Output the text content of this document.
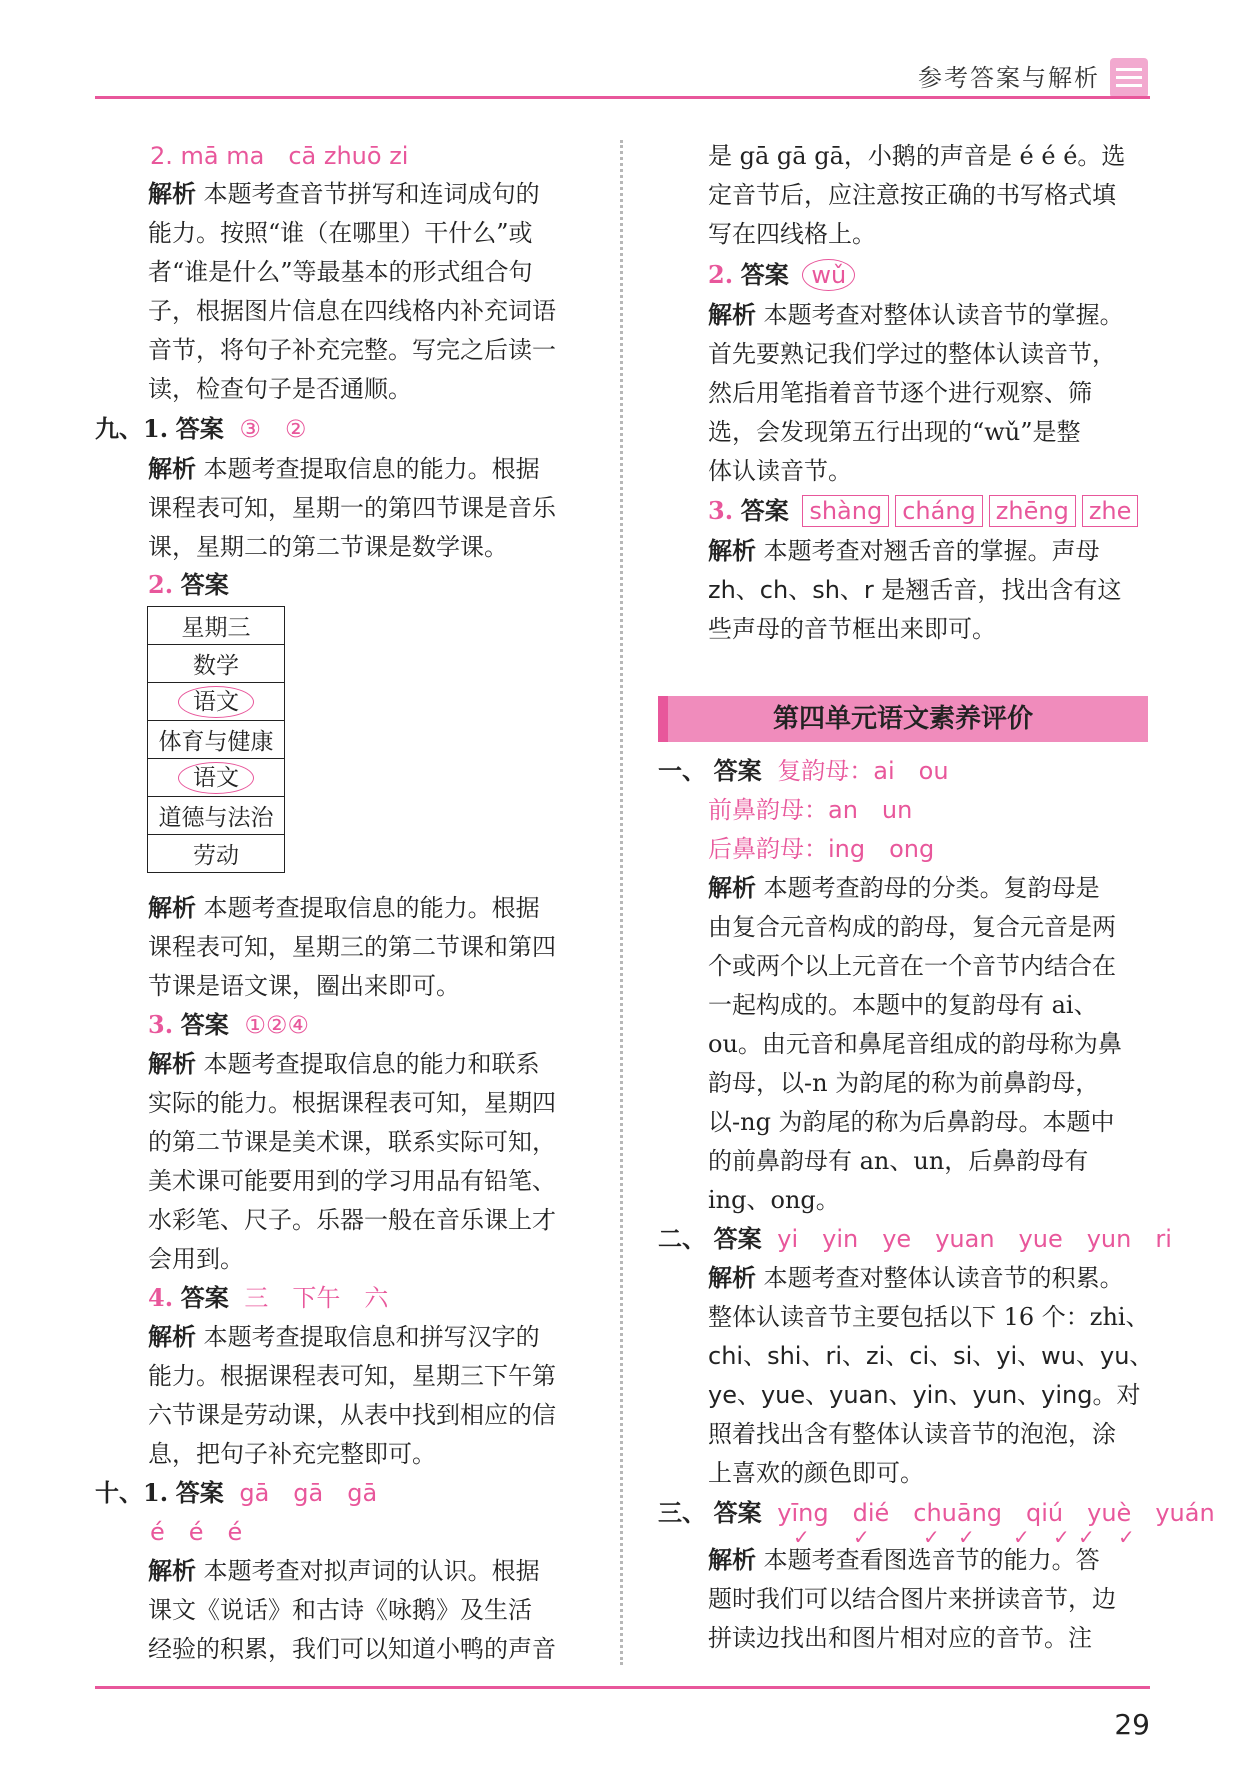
参考答案与解析
2. mā ma　cā zhuō zi
解析 本题考查音节拼写和连词成句的
能力。按照“谁（在哪里）干什么”或
者“谁是什么”等最基本的形式组合句
子，根据图片信息在四线格内补充词语
音节，将句子补充完整。写完之后读一
读，检查句子是否通顺。
九、1. 答案 ③　②
解析 本题考查提取信息的能力。根据
课程表可知，星期一的第四节课是音乐
课，星期二的第二节课是数学课。
2. 答案
星期三
数学
语文
体育与健康
语文
道德与法治
劳动
解析 本题考查提取信息的能力。根据
课程表可知，星期三的第二节课和第四
节课是语文课，圈出来即可。
3. 答案 ①②④
解析 本题考查提取信息的能力和联系
实际的能力。根据课程表可知，星期四
的第二节课是美术课，联系实际可知，
美术课可能要用到的学习用品有铅笔、
水彩笔、尺子。乐器一般在音乐课上才
会用到。
4. 答案 三　下午　六
解析 本题考查提取信息和拼写汉字的
能力。根据课程表可知，星期三下午第
六节课是劳动课，从表中找到相应的信
息，把句子补充完整即可。
十、1. 答案 gā　gā　gā
é　é　é
解析 本题考查对拟声词的认识。根据
课文《说话》和古诗《咏鹅》及生活
经验的积累，我们可以知道小鸭的声音
是 gā gā gā，小鹅的声音是 é é é。选
定音节后，应注意按正确的书写格式填
写在四线格上。
2. 答案 wǔ
解析 本题考查对整体认读音节的掌握。
首先要熟记我们学过的整体认读音节，
然后用笔指着音节逐个进行观察、筛
选，会发现第五行出现的“wǔ”是整
体认读音节。
3. 答案 shàng cháng zhēng zhe
解析 本题考查对翘舌音的掌握。声母
zh、ch、sh、r 是翘舌音，找出含有这
些声母的音节框出来即可。
第四单元语文素养评价
一、 答案 复韵母：ai　ou
前鼻韵母：an　un
后鼻韵母：ing　ong
解析 本题考查韵母的分类。复韵母是
由复合元音构成的韵母，复合元音是两
个或两个以上元音在一个音节内结合在
一起构成的。本题中的复韵母有 ai、
ou。由元音和鼻尾音组成的韵母称为鼻
韵母，以-n 为韵尾的称为前鼻韵母，
以-ng 为韵尾的称为后鼻韵母。本题中
的前鼻韵母有 an、un，后鼻韵母有
ing、ong。
二、 答案 yi　yin　ye　yuan　yue　yun　ri
解析 本题考查对整体认读音节的积累。
整体认读音节主要包括以下 16 个：zhi、
chi、shi、ri、zi、ci、si、yi、wu、yu、
ye、yue、yuan、yin、yun、ying。对
照着找出含有整体认读音节的泡泡，涂
上喜欢的颜色即可。
三、 答案 yīng　dié　chuāng　qiú　yuè　yuán
✓ ✓	✓ ✓ ✓ ✓ ✓ ✓
解析 本题考查看图选音节的能力。答
题时我们可以结合图片来拼读音节，边
拼读边找出和图片相对应的音节。注
29
